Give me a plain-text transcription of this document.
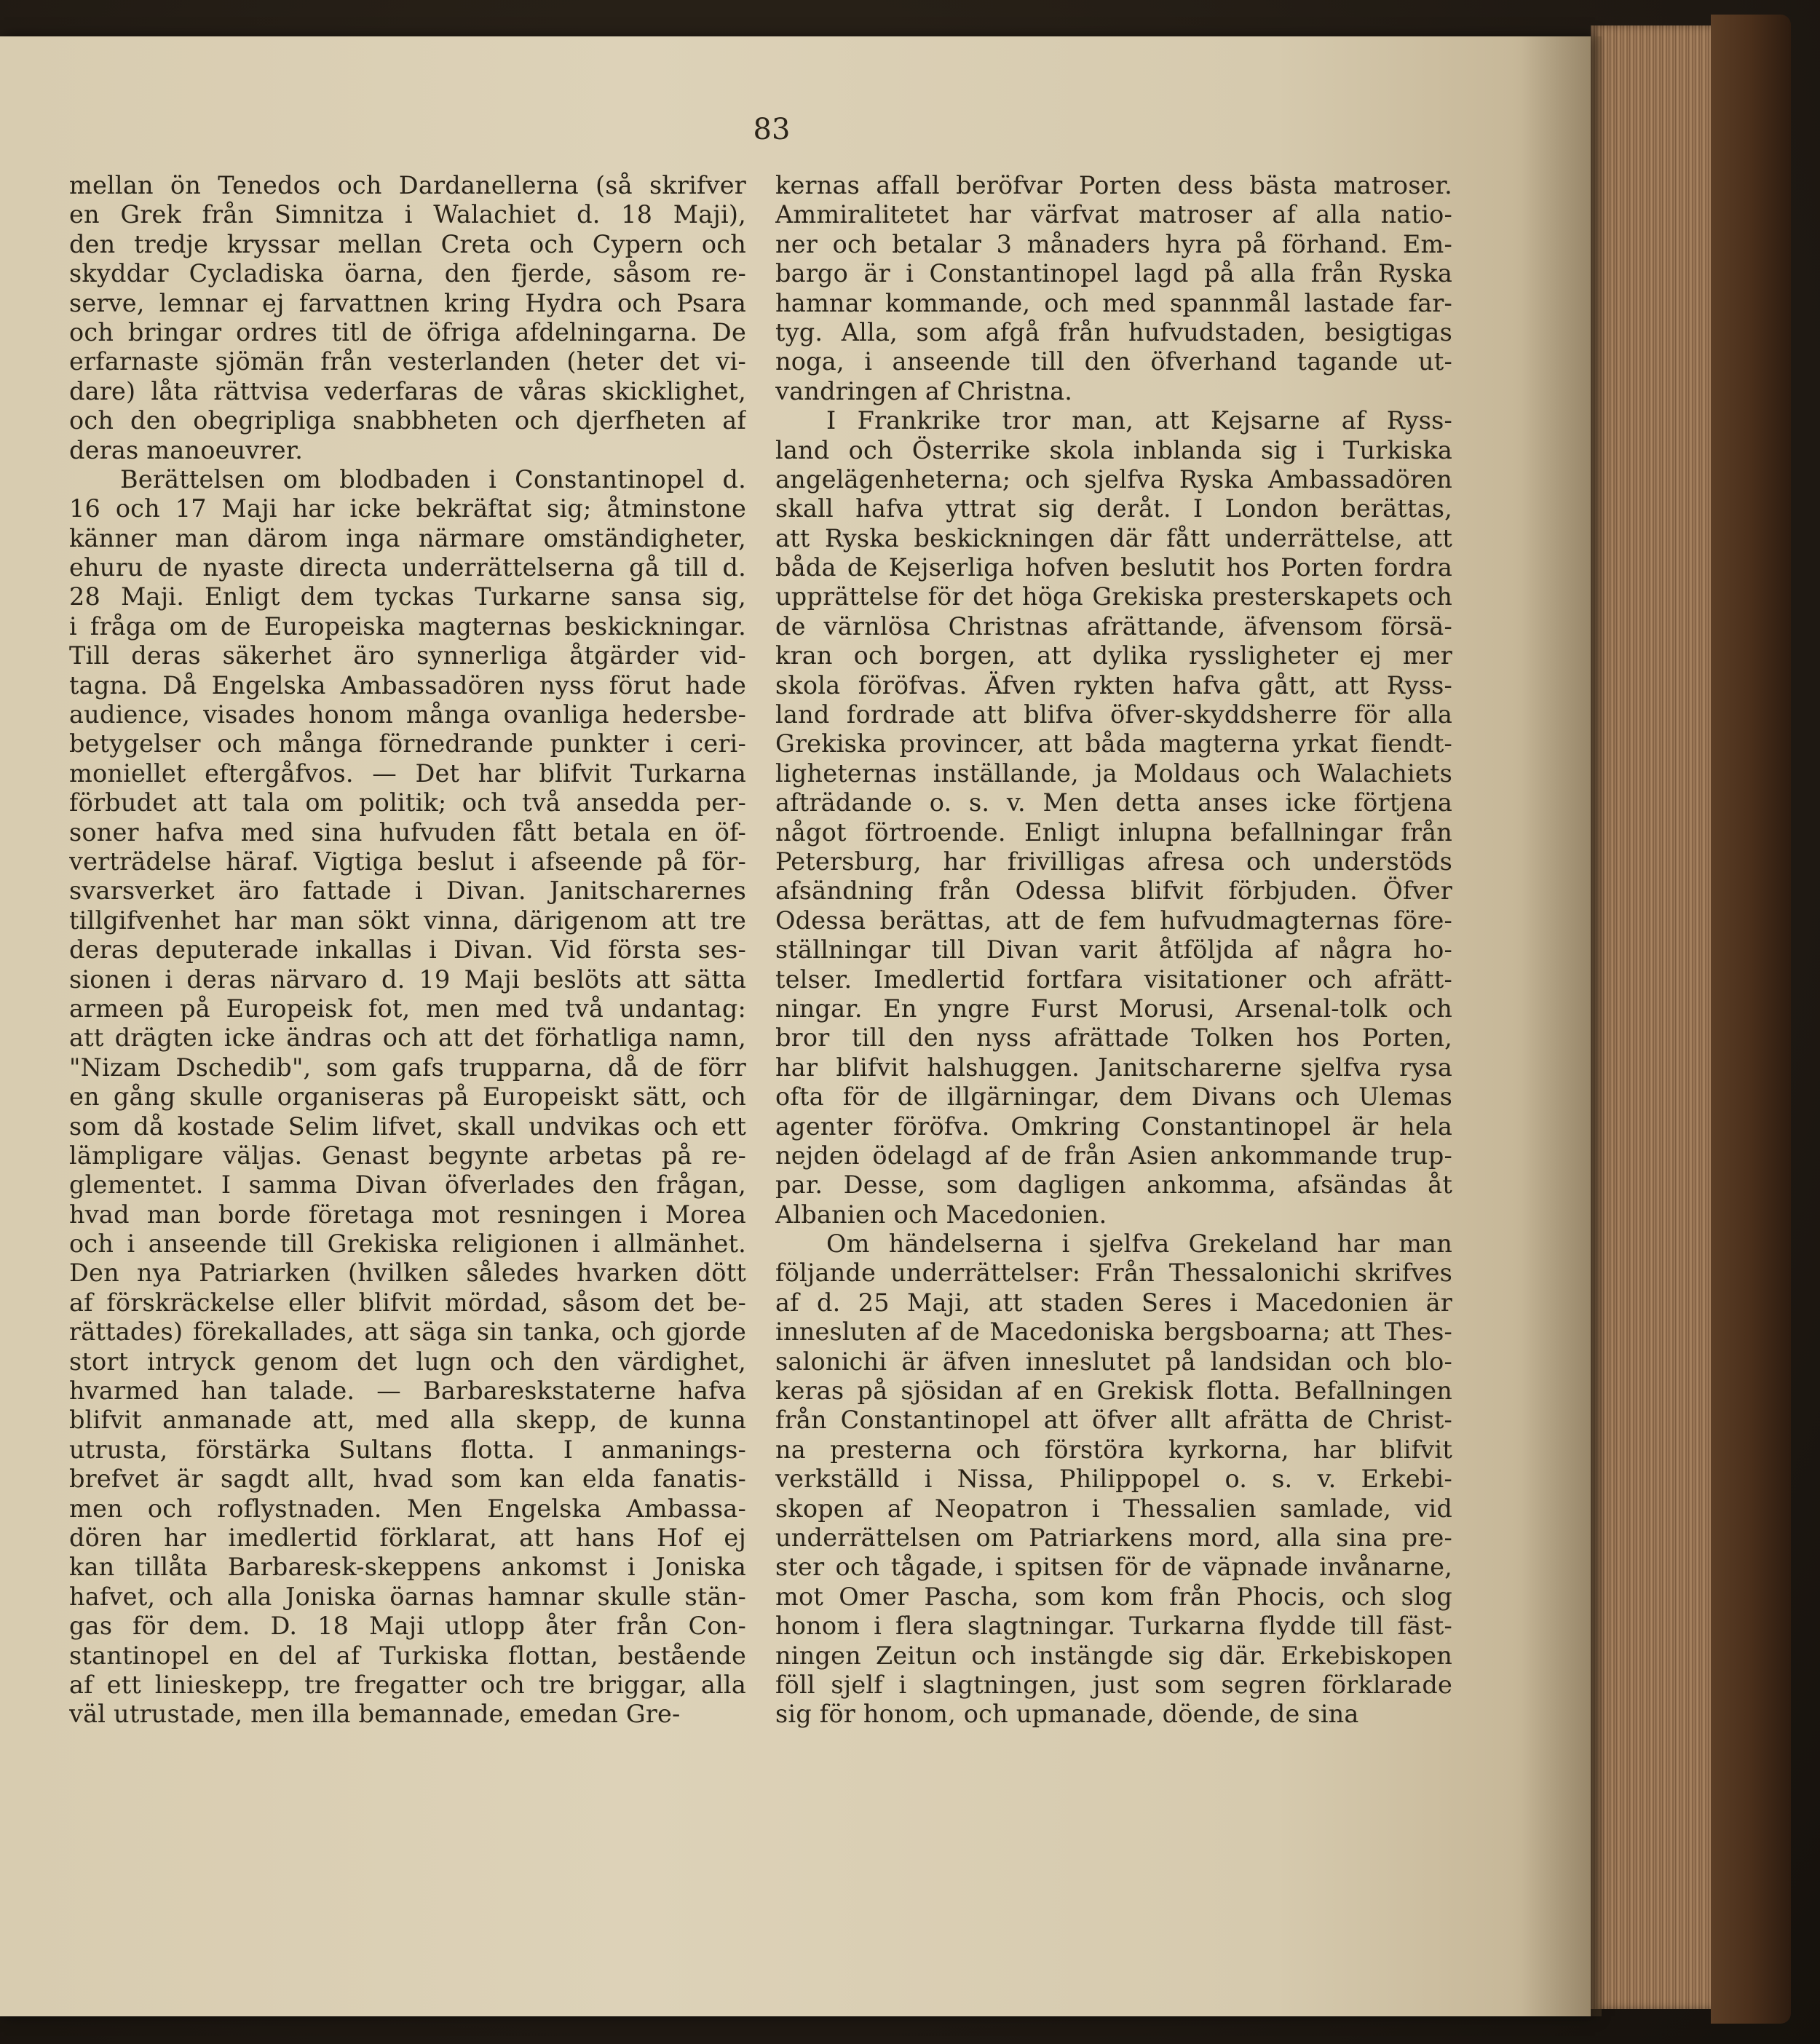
83
mellan ön Tenedos och Dardanellerna (så skrifver
en Grek från Simnitza i Walachiet d. 18 Maji),
den tredje kryssar mellan Creta och Cypern och
skyddar Cycladiska öarna, den fjerde, såsom re-
serve, lemnar ej farvattnen kring Hydra och Psara
och bringar ordres titl de öfriga afdelningarna. De
erfarnaste sjömän från vesterlanden (heter det vi-
dare) låta rättvisa vederfaras de våras skicklighet,
och den obegripliga snabbheten och djerfheten af
deras manoeuvrer.
Berättelsen om blodbaden i Constantinopel d.
16 och 17 Maji har icke bekräftat sig; åtminstone
känner man därom inga närmare omständigheter,
ehuru de nyaste directa underrättelserna gå till d.
28 Maji. Enligt dem tyckas Turkarne sansa sig,
i fråga om de Europeiska magternas beskickningar.
Till deras säkerhet äro synnerliga åtgärder vid-
tagna. Då Engelska Ambassadören nyss förut hade
audience, visades honom många ovanliga hedersbe-
betygelser och många förnedrande punkter i ceri-
moniellet eftergåfvos. — Det har blifvit Turkarna
förbudet att tala om politik; och två ansedda per-
soner hafva med sina hufvuden fått betala en öf-
verträdelse häraf. Vigtiga beslut i afseende på för-
svarsverket äro fattade i Divan. Janitscharernes
tillgifvenhet har man sökt vinna, därigenom att tre
deras deputerade inkallas i Divan. Vid första ses-
sionen i deras närvaro d. 19 Maji beslöts att sätta
armeen på Europeisk fot, men med två undantag:
att drägten icke ändras och att det förhatliga namn,
"Nizam Dschedib", som gafs trupparna, då de förr
en gång skulle organiseras på Europeiskt sätt, och
som då kostade Selim lifvet, skall undvikas och ett
lämpligare väljas. Genast begynte arbetas på re-
glementet. I samma Divan öfverlades den frågan,
hvad man borde företaga mot resningen i Morea
och i anseende till Grekiska religionen i allmänhet.
Den nya Patriarken (hvilken således hvarken dött
af förskräckelse eller blifvit mördad, såsom det be-
rättades) förekallades, att säga sin tanka, och gjorde
stort intryck genom det lugn och den värdighet,
hvarmed han talade. — Barbareskstaterne hafva
blifvit anmanade att, med alla skepp, de kunna
utrusta, förstärka Sultans flotta. I anmanings-
brefvet är sagdt allt, hvad som kan elda fanatis-
men och roflystnaden. Men Engelska Ambassa-
dören har imedlertid förklarat, att hans Hof ej
kan tillåta Barbaresk-skeppens ankomst i Joniska
hafvet, och alla Joniska öarnas hamnar skulle stän-
gas för dem. D. 18 Maji utlopp åter från Con-
stantinopel en del af Turkiska flottan, bestående
af ett linieskepp, tre fregatter och tre briggar, alla
väl utrustade, men illa bemannade, emedan Gre-
kernas affall beröfvar Porten dess bästa matroser.
Ammiralitetet har värfvat matroser af alla natio-
ner och betalar 3 månaders hyra på förhand. Em-
bargo är i Constantinopel lagd på alla från Ryska
hamnar kommande, och med spannmål lastade far-
tyg. Alla, som afgå från hufvudstaden, besigtigas
noga, i anseende till den öfverhand tagande ut-
vandringen af Christna.
I Frankrike tror man, att Kejsarne af Ryss-
land och Österrike skola inblanda sig i Turkiska
angelägenheterna; och sjelfva Ryska Ambassadören
skall hafva yttrat sig deråt. I London berättas,
att Ryska beskickningen där fått underrättelse, att
båda de Kejserliga hofven beslutit hos Porten fordra
upprättelse för det höga Grekiska presterskapets och
de värnlösa Christnas afrättande, äfvensom försä-
kran och borgen, att dylika ryssligheter ej mer
skola föröfvas. Äfven rykten hafva gått, att Ryss-
land fordrade att blifva öfver-skyddsherre för alla
Grekiska provincer, att båda magterna yrkat fiendt-
ligheternas inställande, ja Moldaus och Walachiets
afträdande o. s. v. Men detta anses icke förtjena
något förtroende. Enligt inlupna befallningar från
Petersburg, har frivilligas afresa och understöds
afsändning från Odessa blifvit förbjuden. Öfver
Odessa berättas, att de fem hufvudmagternas före-
ställningar till Divan varit åtföljda af några ho-
telser. Imedlertid fortfara visitationer och afrätt-
ningar. En yngre Furst Morusi, Arsenal-tolk och
bror till den nyss afrättade Tolken hos Porten,
har blifvit halshuggen. Janitscharerne sjelfva rysa
ofta för de illgärningar, dem Divans och Ulemas
agenter föröfva. Omkring Constantinopel är hela
nejden ödelagd af de från Asien ankommande trup-
par. Desse, som dagligen ankomma, afsändas åt
Albanien och Macedonien.
Om händelserna i sjelfva Grekeland har man
följande underrättelser: Från Thessalonichi skrifves
af d. 25 Maji, att staden Seres i Macedonien är
innesluten af de Macedoniska bergsboarna; att Thes-
salonichi är äfven inneslutet på landsidan och blo-
keras på sjösidan af en Grekisk flotta. Befallningen
från Constantinopel att öfver allt afrätta de Christ-
na presterna och förstöra kyrkorna, har blifvit
verkställd i Nissa, Philippopel o. s. v. Erkebi-
skopen af Neopatron i Thessalien samlade, vid
underrättelsen om Patriarkens mord, alla sina pre-
ster och tågade, i spitsen för de väpnade invånarne,
mot Omer Pascha, som kom från Phocis, och slog
honom i flera slagtningar. Turkarna flydde till fäst-
ningen Zeitun och instängde sig där. Erkebiskopen
föll sjelf i slagtningen, just som segren förklarade
sig för honom, och upmanade, döende, de sina
